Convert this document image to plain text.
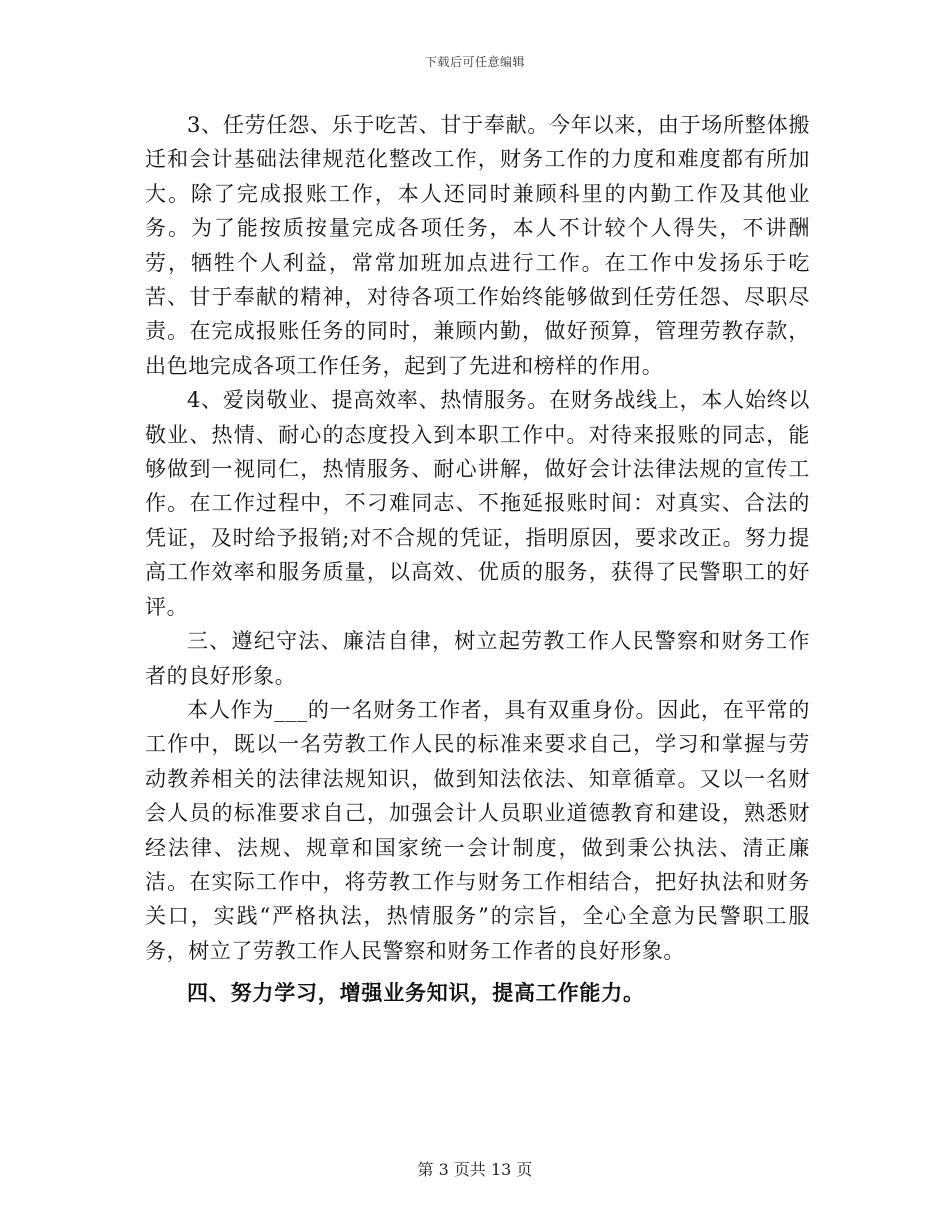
下载后可任意编辑

3、任劳任怨、乐于吃苦、甘于奉献。今年以来，由于场所整体搬迁和会计基础法律规范化整改工作，财务工作的力度和难度都有所加大。除了完成报账工作，本人还同时兼顾科里的内勤工作及其他业务。为了能按质按量完成各项任务，本人不计较个人得失，不讲酬劳，牺牲个人利益，常常加班加点进行工作。在工作中发扬乐于吃苦、甘于奉献的精神，对待各项工作始终能够做到任劳任怨、尽职尽责。在完成报账任务的同时，兼顾内勤，做好预算，管理劳教存款，出色地完成各项工作任务，起到了先进和榜样的作用。

4、爱岗敬业、提高效率、热情服务。在财务战线上，本人始终以敬业、热情、耐心的态度投入到本职工作中。对待来报账的同志，能够做到一视同仁，热情服务、耐心讲解，做好会计法律法规的宣传工作。在工作过程中，不刁难同志、不拖延报账时间：对真实、合法的凭证，及时给予报销;对不合规的凭证，指明原因，要求改正。努力提高工作效率和服务质量，以高效、优质的服务，获得了民警职工的好评。

三、遵纪守法、廉洁自律，树立起劳教工作人民警察和财务工作者的良好形象。

本人作为___的一名财务工作者，具有双重身份。因此，在平常的工作中，既以一名劳教工作人民的标准来要求自己，学习和掌握与劳动教养相关的法律法规知识，做到知法依法、知章循章。又以一名财会人员的标准要求自己，加强会计人员职业道德教育和建设，熟悉财经法律、法规、规章和国家统一会计制度，做到秉公执法、清正廉洁。在实际工作中，将劳教工作与财务工作相结合，把好执法和财务关口，实践“严格执法，热情服务”的宗旨，全心全意为民警职工服务，树立了劳教工作人民警察和财务工作者的良好形象。

四、努力学习，增强业务知识，提高工作能力。

第 3 页共 13 页
